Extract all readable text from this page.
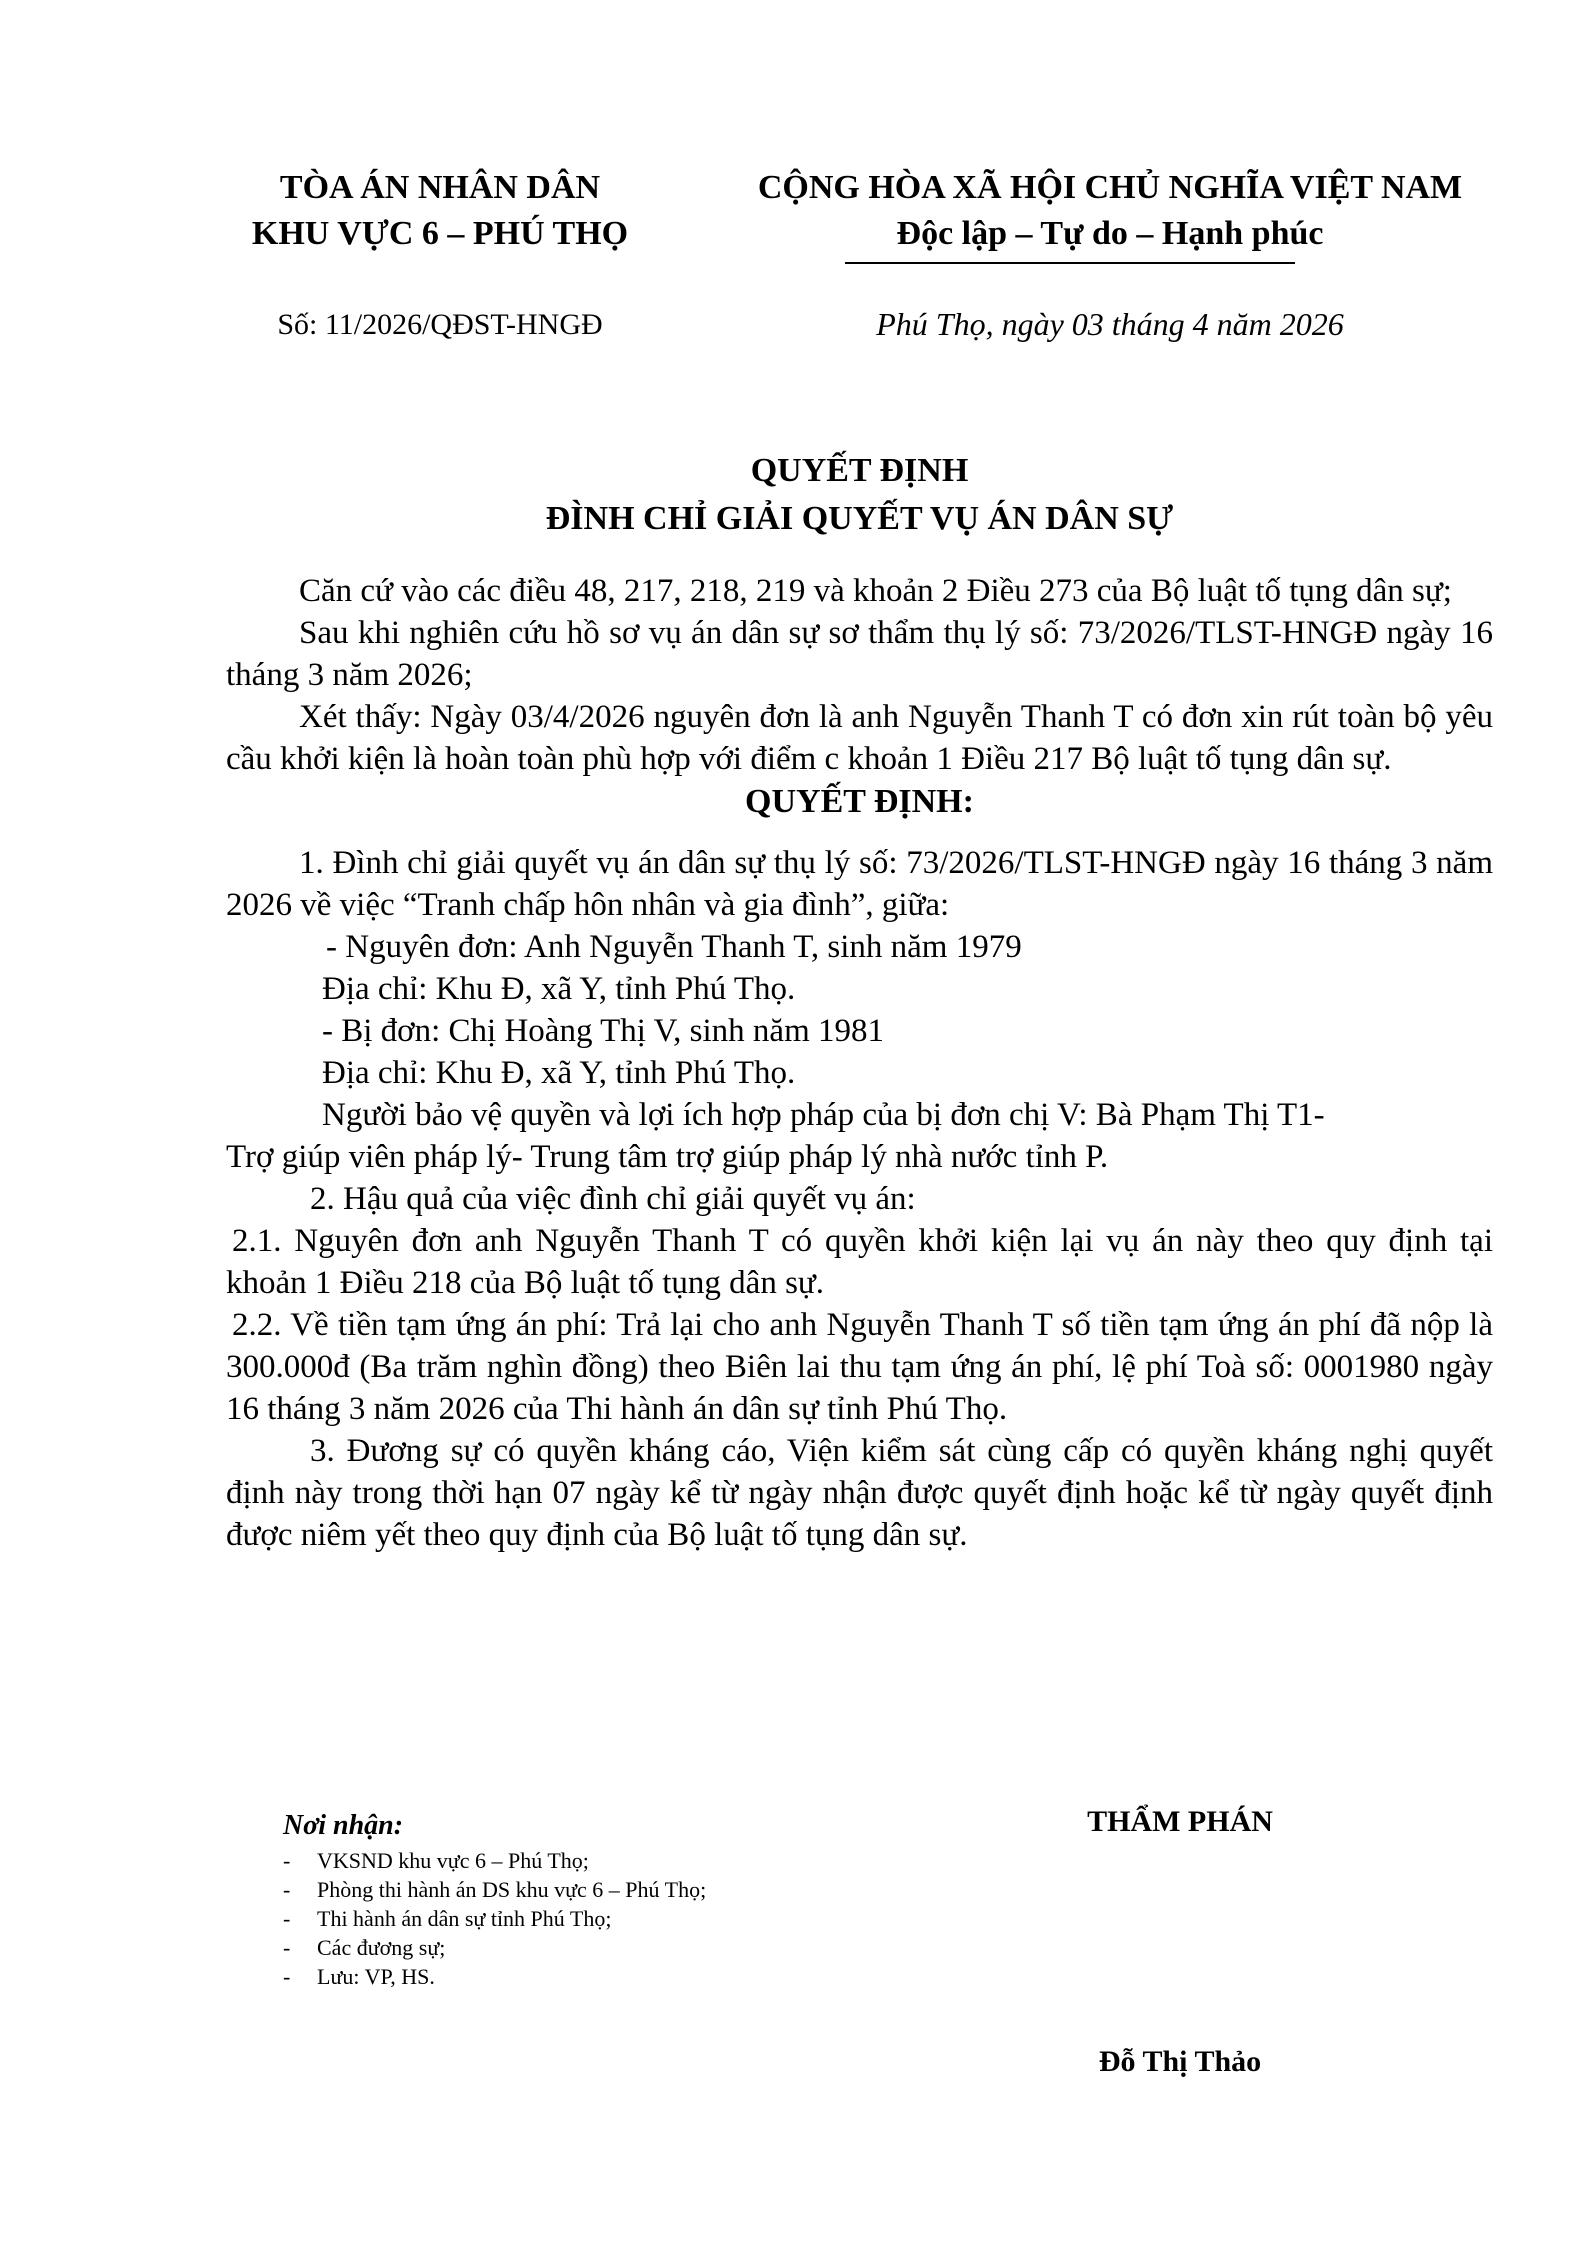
TÒA ÁN NHÂN DÂN
KHU VỰC 6 – PHÚ THỌ
CỘNG HÒA XÃ HỘI CHỦ NGHĨA VIỆT NAM
Độc lập – Tự do – Hạnh phúc
Số: 11/2026/QĐST-HNGĐ	Phú Thọ, ngày 03 tháng 4 năm 2026
QUYẾT ĐỊNH
ĐÌNH CHỈ GIẢI QUYẾT VỤ ÁN DÂN SỰ

Căn cứ vào các điều 48, 217, 218, 219 và khoản 2 Điều 273 của Bộ luật tố tụng dân sự;

Sau khi nghiên cứu hồ sơ vụ án dân sự sơ thẩm thụ lý số: 73/2026/TLST-HNGĐ ngày 16 tháng 3 năm 2026;

Xét thấy: Ngày 03/4/2026 nguyên đơn là anh Nguyễn Thanh T có đơn xin rút toàn bộ yêu cầu khởi kiện là hoàn toàn phù hợp với điểm c khoản 1 Điều 217 Bộ luật tố tụng dân sự.

QUYẾT ĐỊNH:

1. Đình chỉ giải quyết vụ án dân sự thụ lý số: 73/2026/TLST-HNGĐ ngày 16 tháng 3 năm 2026 về việc “Tranh chấp hôn nhân và gia đình”, giữa:

- Nguyên đơn: Anh Nguyễn Thanh T, sinh năm 1979

Địa chỉ: Khu Đ, xã Y, tỉnh Phú Thọ.

- Bị đơn: Chị Hoàng Thị V, sinh năm 1981

Địa chỉ: Khu Đ, xã Y, tỉnh Phú Thọ.

Người bảo vệ quyền và lợi ích hợp pháp của bị đơn chị V: Bà Phạm Thị T1-

Trợ giúp viên pháp lý- Trung tâm trợ giúp pháp lý nhà nước tỉnh P.

2. Hậu quả của việc đình chỉ giải quyết vụ án:

2.1. Nguyên đơn anh Nguyễn Thanh T có quyền khởi kiện lại vụ án này theo quy định tại khoản 1 Điều 218 của Bộ luật tố tụng dân sự.

2.2. Về tiền tạm ứng án phí: Trả lại cho anh Nguyễn Thanh T số tiền tạm ứng án phí đã nộp là 300.000đ (Ba trăm nghìn đồng) theo Biên lai thu tạm ứng án phí, lệ phí Toà số: 0001980 ngày 16 tháng 3 năm 2026 của Thi hành án dân sự tỉnh Phú Thọ.

3. Đương sự có quyền kháng cáo, Viện kiểm sát cùng cấp có quyền kháng nghị quyết định này trong thời hạn 07 ngày kể từ ngày nhận được quyết định hoặc kể từ ngày quyết định được niêm yết theo quy định của Bộ luật tố tụng dân sự.

Nơi nhận:
- VKSND khu vực 6 – Phú Thọ;
- Phòng thi hành án DS khu vực 6 – Phú Thọ;
- Thi hành án dân sự tỉnh Phú Thọ;
- Các đương sự;
- Lưu: VP, HS.
THẨM PHÁN
Đỗ Thị Thảo
